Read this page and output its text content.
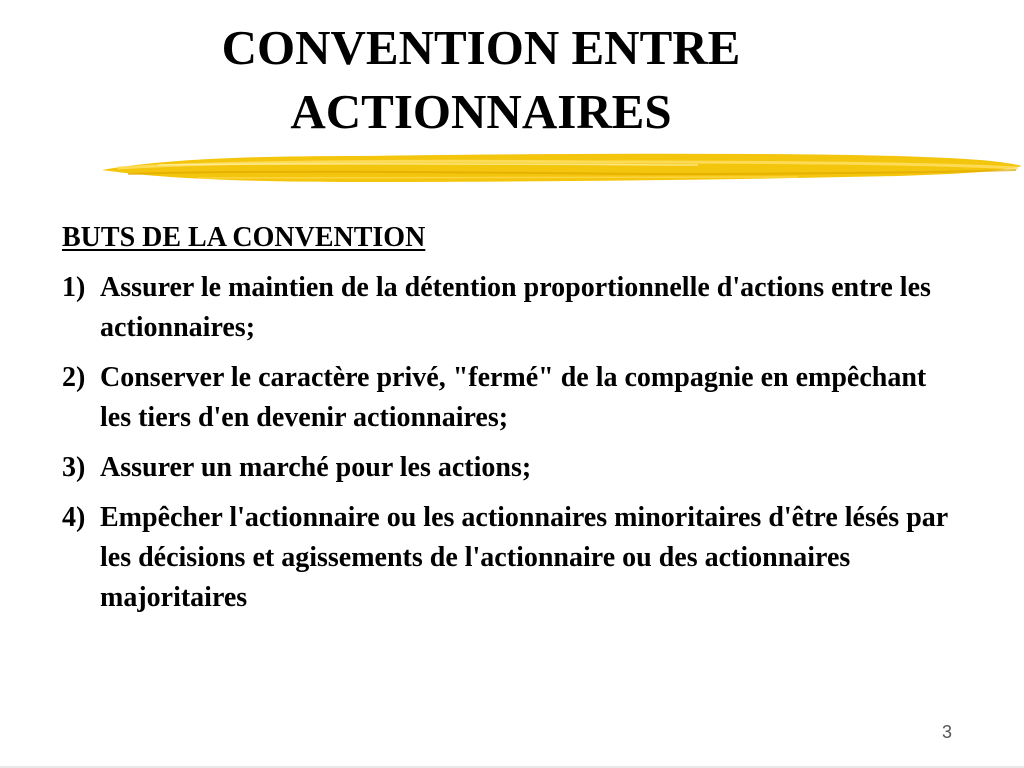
CONVENTION ENTRE
ACTIONNAIRES
BUTS DE LA CONVENTION
1) Assurer le maintien de la détention proportionnelle d'actions entre les actionnaires;
2) Conserver le caractère privé, "fermé" de la compagnie en empêchant les tiers d'en devenir actionnaires;
3) Assurer un marché pour les actions;
4) Empêcher l'actionnaire ou les actionnaires minoritaires d'être lésés par les décisions et agissements de l'actionnaire ou des actionnaires majoritaires
3
